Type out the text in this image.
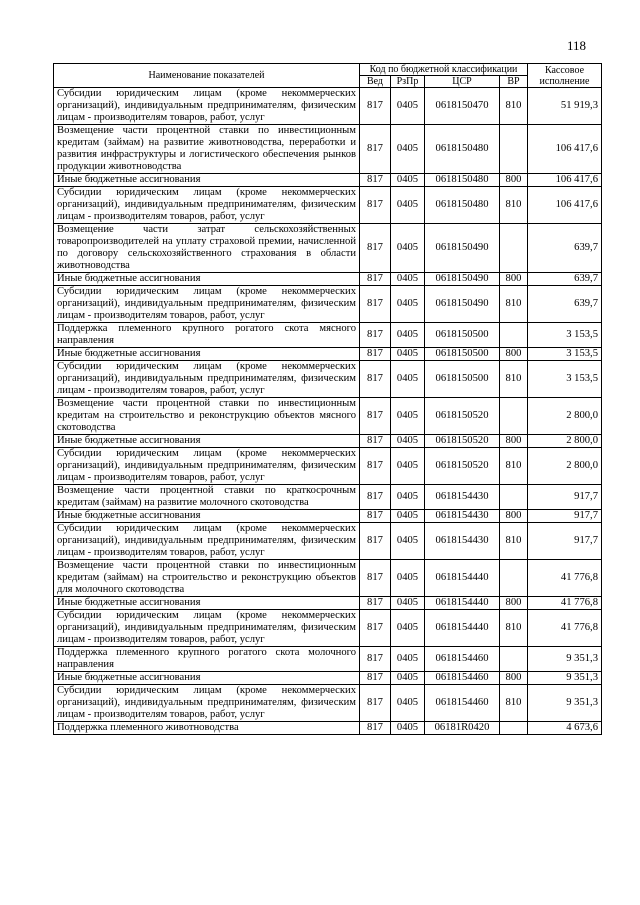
118
Наименование показателей	Код по бюджетной классификации				Кассовое исполнение
	Вед	РзПр	ЦСР	ВР	
Субсидии юридическим лицам (кроме некоммерческих организаций), индивидуальным предпринимателям, физическим лицам - производителям товаров, работ, услуг	817	0405	0618150470	810	51 919,3
Возмещение части процентной ставки по инвестиционным кредитам (займам) на развитие животноводства, переработки и развития инфраструктуры и логистического обеспечения рынков продукции животноводства	817	0405	0618150480		106 417,6
Иные бюджетные ассигнования	817	0405	0618150480	800	106 417,6
Субсидии юридическим лицам (кроме некоммерческих организаций), индивидуальным предпринимателям, физическим лицам - производителям товаров, работ, услуг	817	0405	0618150480	810	106 417,6
Возмещение части затрат сельскохозяйственных товаропроизводителей на уплату страховой премии, начисленной по договору сельскохозяйственного страхования в области животноводства	817	0405	0618150490		639,7
Иные бюджетные ассигнования	817	0405	0618150490	800	639,7
Субсидии юридическим лицам (кроме некоммерческих организаций), индивидуальным предпринимателям, физическим лицам - производителям товаров, работ, услуг	817	0405	0618150490	810	639,7
Поддержка племенного крупного рогатого скота мясного направления	817	0405	0618150500		3 153,5
Иные бюджетные ассигнования	817	0405	0618150500	800	3 153,5
Субсидии юридическим лицам (кроме некоммерческих организаций), индивидуальным предпринимателям, физическим лицам - производителям товаров, работ, услуг	817	0405	0618150500	810	3 153,5
Возмещение части процентной ставки по инвестиционным кредитам на строительство и реконструкцию объектов мясного скотоводства	817	0405	0618150520		2 800,0
Иные бюджетные ассигнования	817	0405	0618150520	800	2 800,0
Субсидии юридическим лицам (кроме некоммерческих организаций), индивидуальным предпринимателям, физическим лицам - производителям товаров, работ, услуг	817	0405	0618150520	810	2 800,0
Возмещение части процентной ставки по краткосрочным кредитам (займам) на развитие молочного скотоводства	817	0405	0618154430		917,7
Иные бюджетные ассигнования	817	0405	0618154430	800	917,7
Субсидии юридическим лицам (кроме некоммерческих организаций), индивидуальным предпринимателям, физическим лицам - производителям товаров, работ, услуг	817	0405	0618154430	810	917,7
Возмещение части процентной ставки по инвестиционным кредитам (займам) на строительство и реконструкцию объектов для молочного скотоводства	817	0405	0618154440		41 776,8
Иные бюджетные ассигнования	817	0405	0618154440	800	41 776,8
Субсидии юридическим лицам (кроме некоммерческих организаций), индивидуальным предпринимателям, физическим лицам - производителям товаров, работ, услуг	817	0405	0618154440	810	41 776,8
Поддержка племенного крупного рогатого скота молочного направления	817	0405	0618154460		9 351,3
Иные бюджетные ассигнования	817	0405	0618154460	800	9 351,3
Субсидии юридическим лицам (кроме некоммерческих организаций), индивидуальным предпринимателям, физическим лицам - производителям товаров, работ, услуг	817	0405	0618154460	810	9 351,3
Поддержка племенного животноводства	817	0405	06181R0420		4 673,6
